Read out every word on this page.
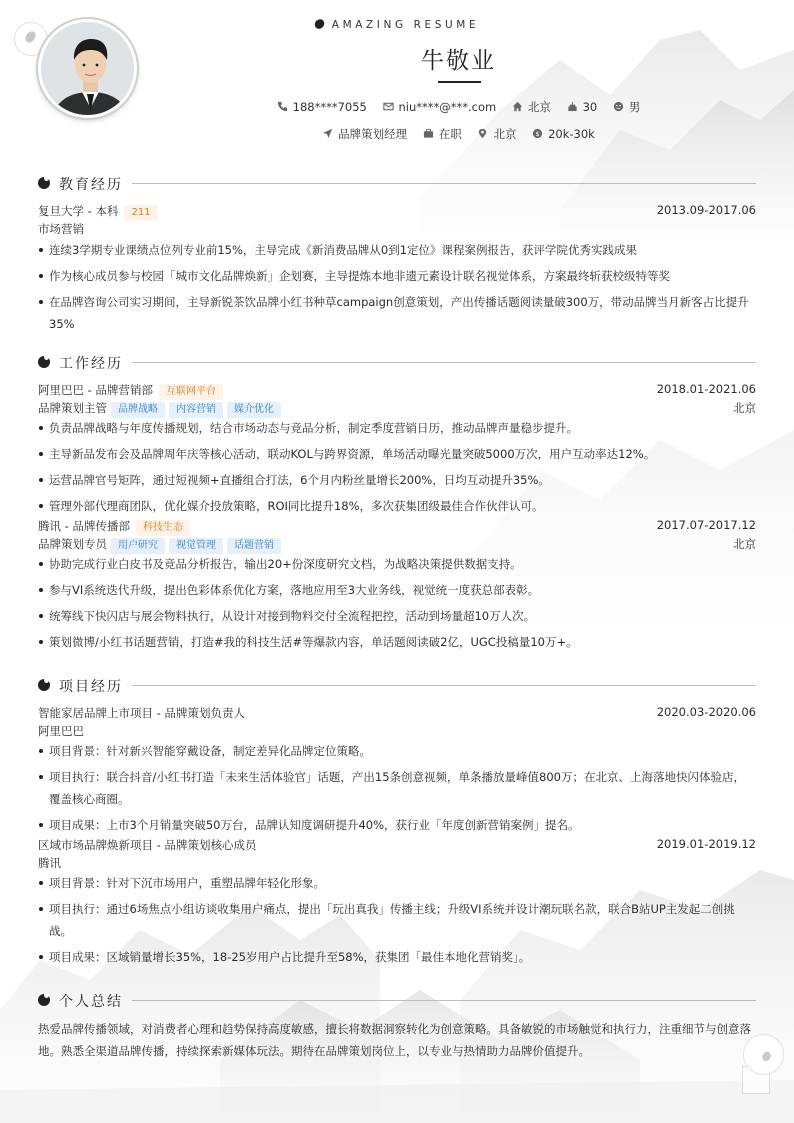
AMAZING RESUME
牛敬业
188****7055	niu****@***.com	北京	30	男
品牌策划经理	在职	北京	$ 20k-30k
教育经历
复旦大学 - 本科 211	2013.09-2017.06
市场营销
连续3学期专业课绩点位列专业前15%，主导完成《新消费品牌从0到1定位》课程案例报告，获评学院优秀实践成果
作为核心成员参与校园「城市文化品牌焕新」企划赛，主导提炼本地非遗元素设计联名视觉体系，方案最终斩获校级特等奖
在品牌咨询公司实习期间，主导新锐茶饮品牌小红书种草campaign创意策划，产出传播话题阅读量破300万，带动品牌当月新客占比提升35%
工作经历
阿里巴巴 - 品牌营销部 互联网平台	2018.01-2021.06
品牌策划主管 品牌战略 内容营销 媒介优化	北京
负责品牌战略与年度传播规划，结合市场动态与竞品分析，制定季度营销日历，推动品牌声量稳步提升。
主导新品发布会及品牌周年庆等核心活动，联动KOL与跨界资源，单场活动曝光量突破5000万次，用户互动率达12%。
运营品牌官号矩阵，通过短视频+直播组合打法，6个月内粉丝量增长200%，日均互动提升35%。
管理外部代理商团队，优化媒介投放策略，ROI同比提升18%，多次获集团级最佳合作伙伴认可。
腾讯 - 品牌传播部 科技生态	2017.07-2017.12
品牌策划专员 用户研究 视觉管理 话题营销	北京
协助完成行业白皮书及竞品分析报告，输出20+份深度研究文档，为战略决策提供数据支持。
参与VI系统迭代升级，提出色彩体系优化方案，落地应用至3大业务线，视觉统一度获总部表彰。
统筹线下快闪店与展会物料执行，从设计对接到物料交付全流程把控，活动到场量超10万人次。
策划微博/小红书话题营销，打造#我的科技生活#等爆款内容，单话题阅读破2亿，UGC投稿量10万+。
项目经历
智能家居品牌上市项目 - 品牌策划负责人	2020.03-2020.06
阿里巴巴
项目背景：针对新兴智能穿戴设备，制定差异化品牌定位策略。
项目执行：联合抖音/小红书打造「未来生活体验官」话题，产出15条创意视频，单条播放量峰值800万；在北京、上海落地快闪体验店，覆盖核心商圈。
项目成果：上市3个月销量突破50万台，品牌认知度调研提升40%，获行业「年度创新营销案例」提名。
区域市场品牌焕新项目 - 品牌策划核心成员	2019.01-2019.12
腾讯
项目背景：针对下沉市场用户，重塑品牌年轻化形象。
项目执行：通过6场焦点小组访谈收集用户痛点，提出「玩出真我」传播主线；升级VI系统并设计潮玩联名款，联合B站UP主发起二创挑战。
项目成果：区域销量增长35%，18-25岁用户占比提升至58%，获集团「最佳本地化营销奖」。
个人总结

热爱品牌传播领域，对消费者心理和趋势保持高度敏感，擅长将数据洞察转化为创意策略。具备敏锐的市场触觉和执行力，注重细节与创意落地。熟悉全渠道品牌传播，持续探索新媒体玩法。期待在品牌策划岗位上，以专业与热情助力品牌价值提升。
